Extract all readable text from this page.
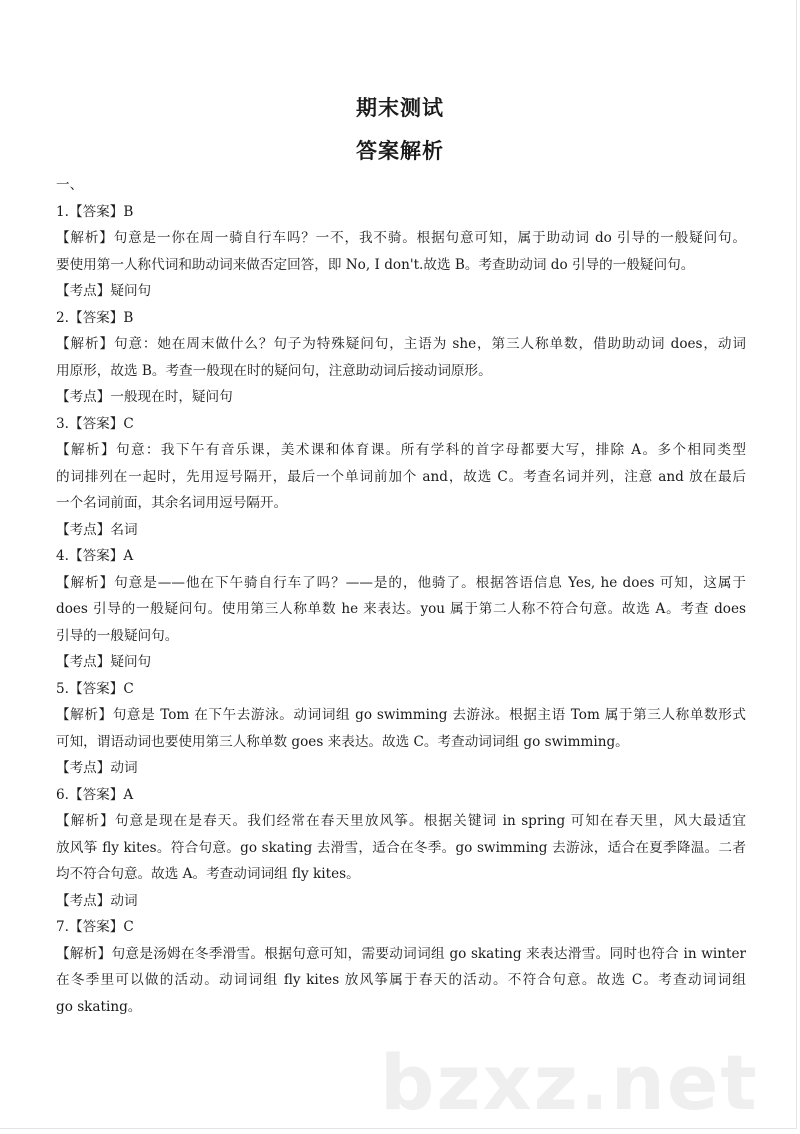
期末测试
答案解析
一、
1.【答案】B
【解析】句意是一你在周一骑自行车吗？一不，我不骑。根据句意可知，属于助动词 do 引导的一般疑问句。
要使用第一人称代词和助动词来做否定回答，即 No, I don't.故选 B。考查助动词 do 引导的一般疑问句。
【考点】疑问句
2.【答案】B
【解析】句意：她在周末做什么？句子为特殊疑问句，主语为 she，第三人称单数，借助助动词 does，动词
用原形，故选 B。考查一般现在时的疑问句，注意助动词后接动词原形。
【考点】一般现在时，疑问句
3.【答案】C
【解析】句意：我下午有音乐课，美术课和体育课。所有学科的首字母都要大写，排除 A。多个相同类型
的词排列在一起时，先用逗号隔开，最后一个单词前加个 and，故选 C。考查名词并列，注意 and 放在最后
一个名词前面，其余名词用逗号隔开。
【考点】名词
4.【答案】A
【解析】句意是——他在下午骑自行车了吗？——是的，他骑了。根据答语信息 Yes, he does 可知，这属于
does 引导的一般疑问句。使用第三人称单数 he 来表达。you 属于第二人称不符合句意。故选 A。考查 does
引导的一般疑问句。
【考点】疑问句
5.【答案】C
【解析】句意是 Tom 在下午去游泳。动词词组 go swimming 去游泳。根据主语 Tom 属于第三人称单数形式
可知，谓语动词也要使用第三人称单数 goes 来表达。故选 C。考查动词词组 go swimming。
【考点】动词
6.【答案】A
【解析】句意是现在是春天。我们经常在春天里放风筝。根据关键词 in spring 可知在春天里，风大最适宜
放风筝 fly kites。符合句意。go skating 去滑雪，适合在冬季。go swimming 去游泳，适合在夏季降温。二者
均不符合句意。故选 A。考查动词词组 fly kites。
【考点】动词
7.【答案】C
【解析】句意是汤姆在冬季滑雪。根据句意可知，需要动词词组 go skating 来表达滑雪。同时也符合 in winter
在冬季里可以做的活动。动词词组 fly kites 放风筝属于春天的活动。不符合句意。故选 C。考查动词词组
go skating。
bzxz.net
